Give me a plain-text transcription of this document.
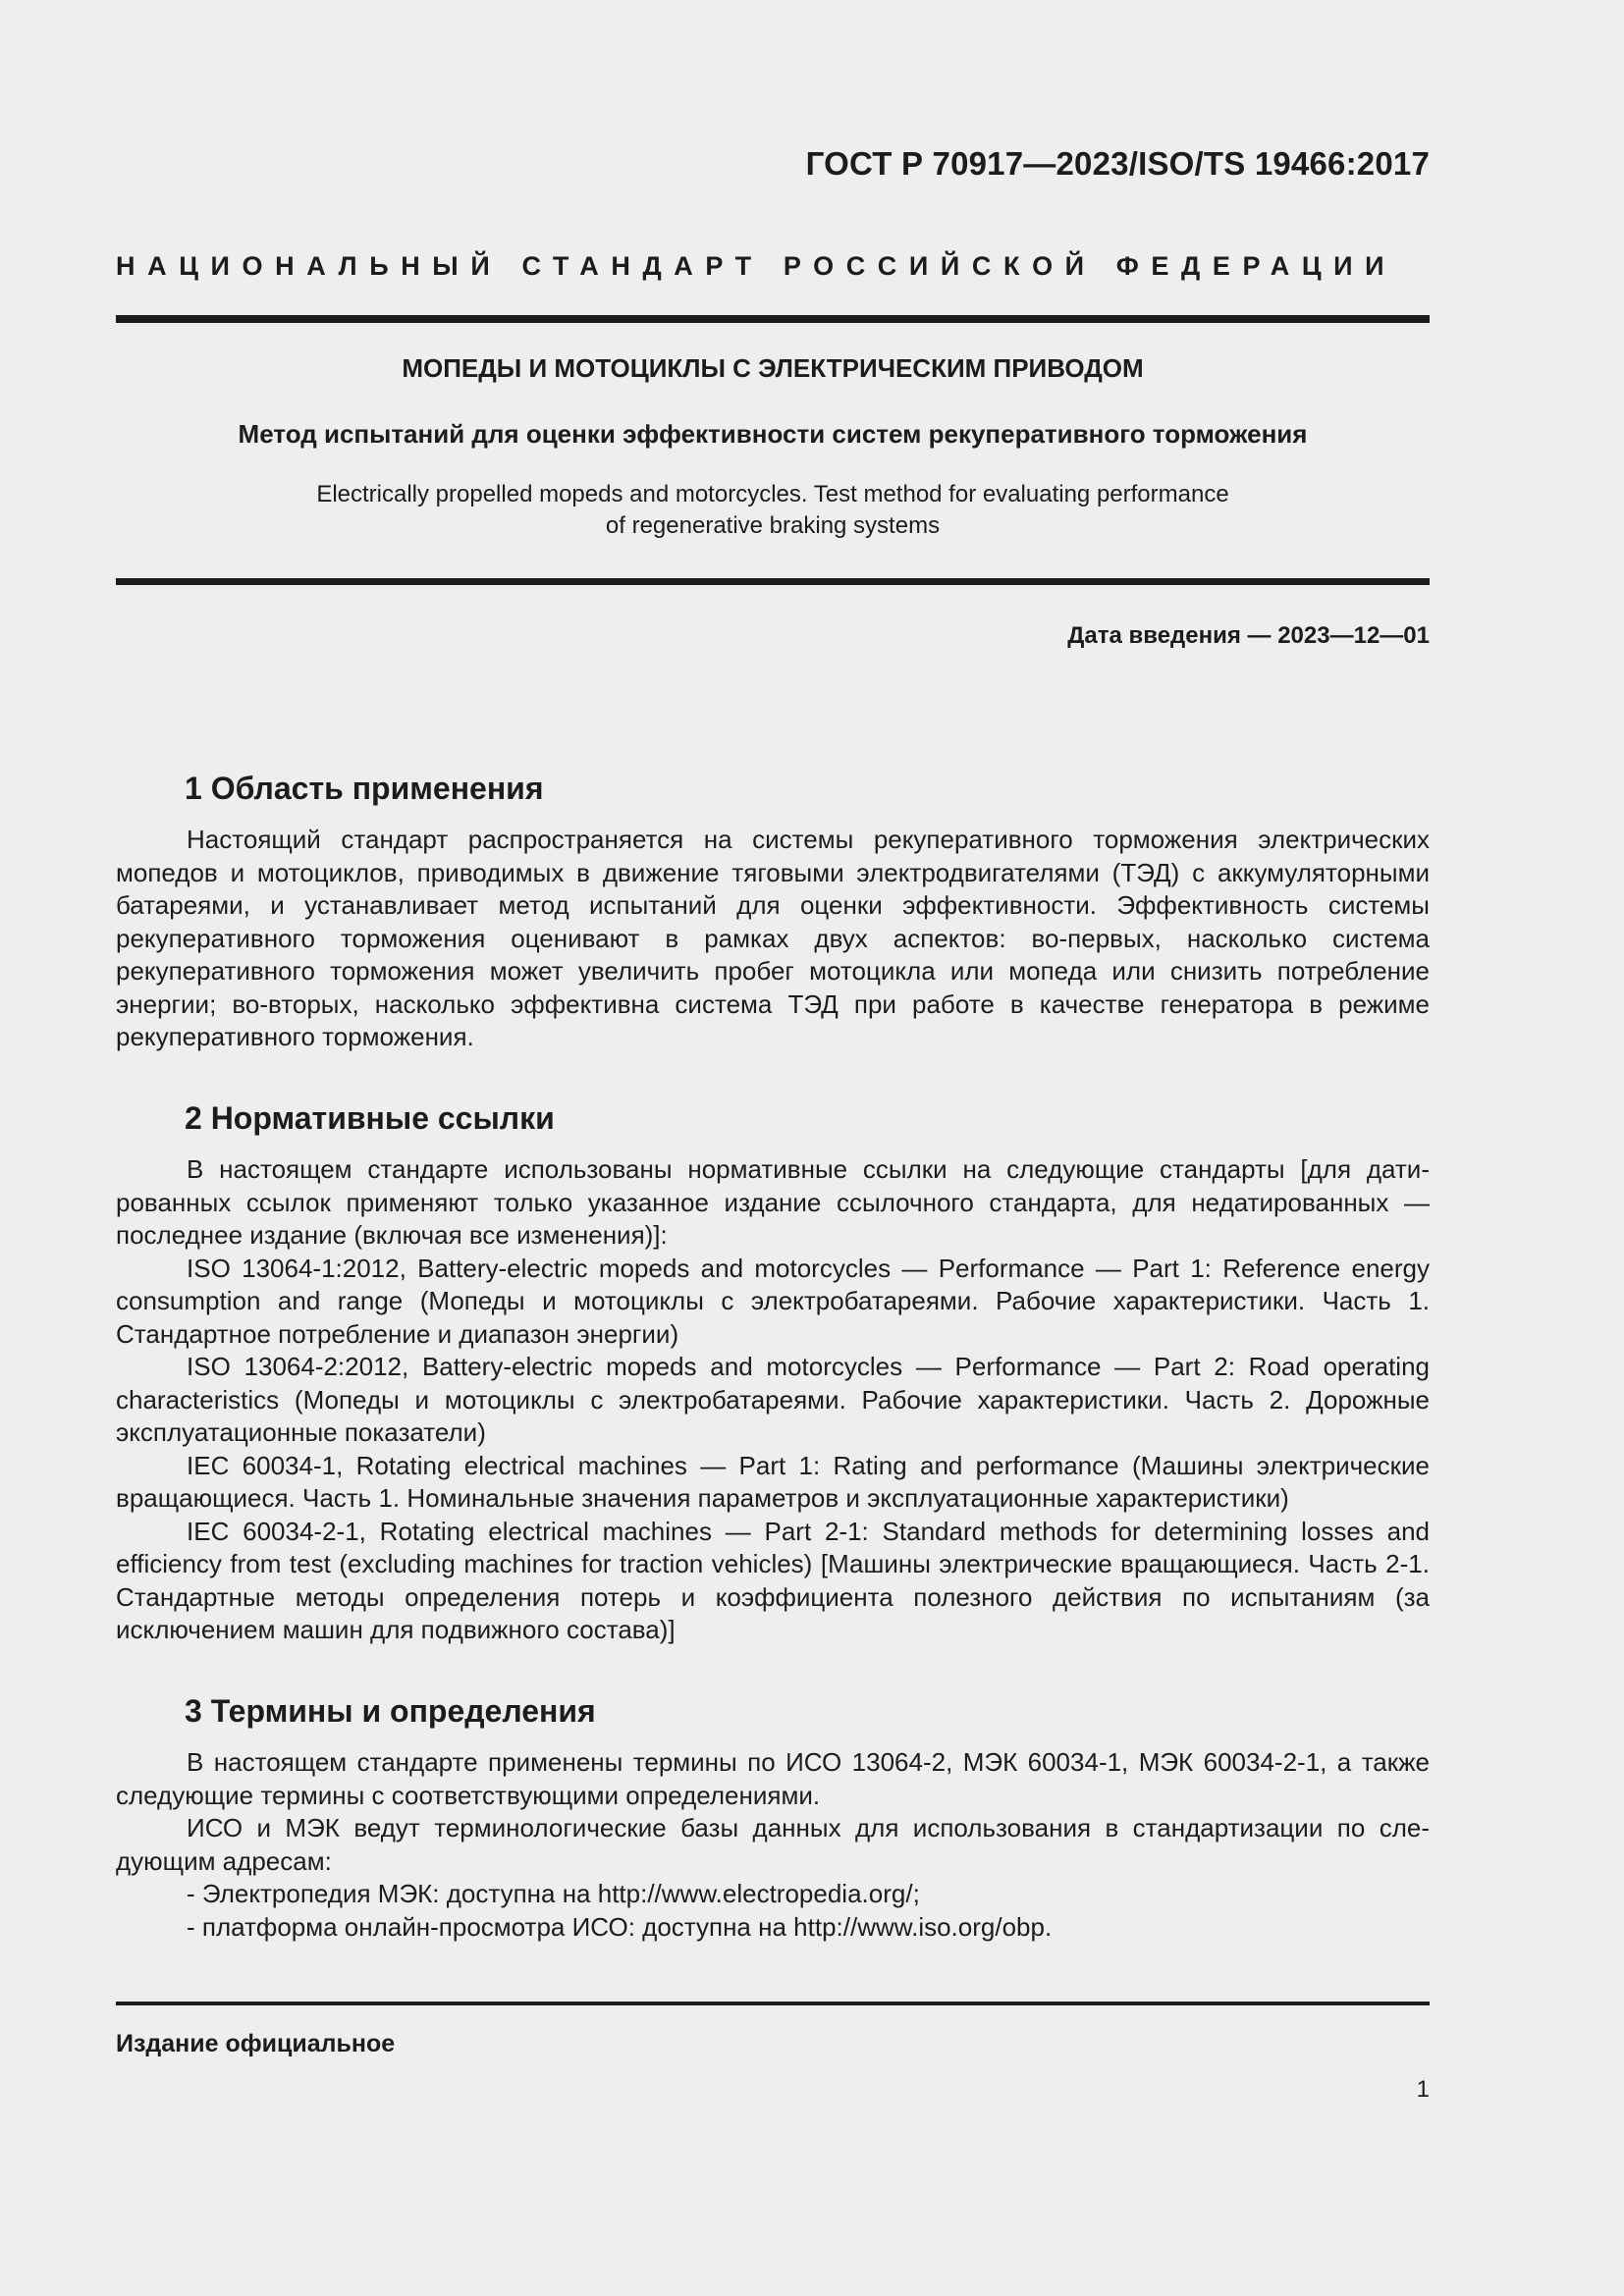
ГОСТ Р 70917—2023/ISO/TS 19466:2017
НАЦИОНАЛЬНЫЙ СТАНДАРТ РОССИЙСКОЙ ФЕДЕРАЦИИ
МОПЕДЫ И МОТОЦИКЛЫ С ЭЛЕКТРИЧЕСКИМ ПРИВОДОМ
Метод испытаний для оценки эффективности систем рекуперативного торможения
Electrically propelled mopeds and motorcycles. Test method for evaluating performance
of regenerative braking systems
Дата введения — 2023—12—01
1 Область применения

Настоящий стандарт распространяется на системы рекуперативного торможения электрических мопедов и мотоциклов, приводимых в движение тяговыми электродвигателями (ТЭД) с аккумуляторными батареями, и устанавливает метод испытаний для оценки эффективности. Эффективность системы рекуперативного торможения оценивают в рамках двух аспектов: во-первых, насколько система рекуперативного торможения может увеличить пробег мотоцикла или мопеда или снизить потребление энергии; во-вторых, насколько эффективна система ТЭД при работе в качестве генератора в режиме рекуперативного торможения.

2 Нормативные ссылки

В настоящем стандарте использованы нормативные ссылки на следующие стандарты [для датированных ссылок применяют только указанное издание ссылочного стандарта, для недатированных — последнее издание (включая все изменения)]:

ISO 13064-1:2012, Battery-electric mopeds and motorcycles — Performance — Part 1: Reference energy consumption and range (Мопеды и мотоциклы с электробатареями. Рабочие характеристики. Часть 1. Стандартное потребление и диапазон энергии)

ISO 13064-2:2012, Battery-electric mopeds and motorcycles — Performance — Part 2: Road operating characteristics (Мопеды и мотоциклы с электробатареями. Рабочие характеристики. Часть 2. Дорожные эксплуатационные показатели)

IEC 60034-1, Rotating electrical machines — Part 1: Rating and performance (Машины электрические вращающиеся. Часть 1. Номинальные значения параметров и эксплуатационные характеристики)

IEC 60034-2-1, Rotating electrical machines — Part 2-1: Standard methods for determining losses and efficiency from test (excluding machines for traction vehicles) [Машины электрические вращающиеся. Часть 2-1. Стандартные методы определения потерь и коэффициента полезного действия по испытаниям (за исключением машин для подвижного состава)]

3 Термины и определения

В настоящем стандарте применены термины по ИСО 13064-2, МЭК 60034-1, МЭК 60034-2-1, а также следующие термины с соответствующими определениями.

ИСО и МЭК ведут терминологические базы данных для использования в стандартизации по следующим адресам:

- Электропедия МЭК: доступна на http://www.electropedia.org/;

- платформа онлайн-просмотра ИСО: доступна на http://www.iso.org/obp.

Издание официальное
1
